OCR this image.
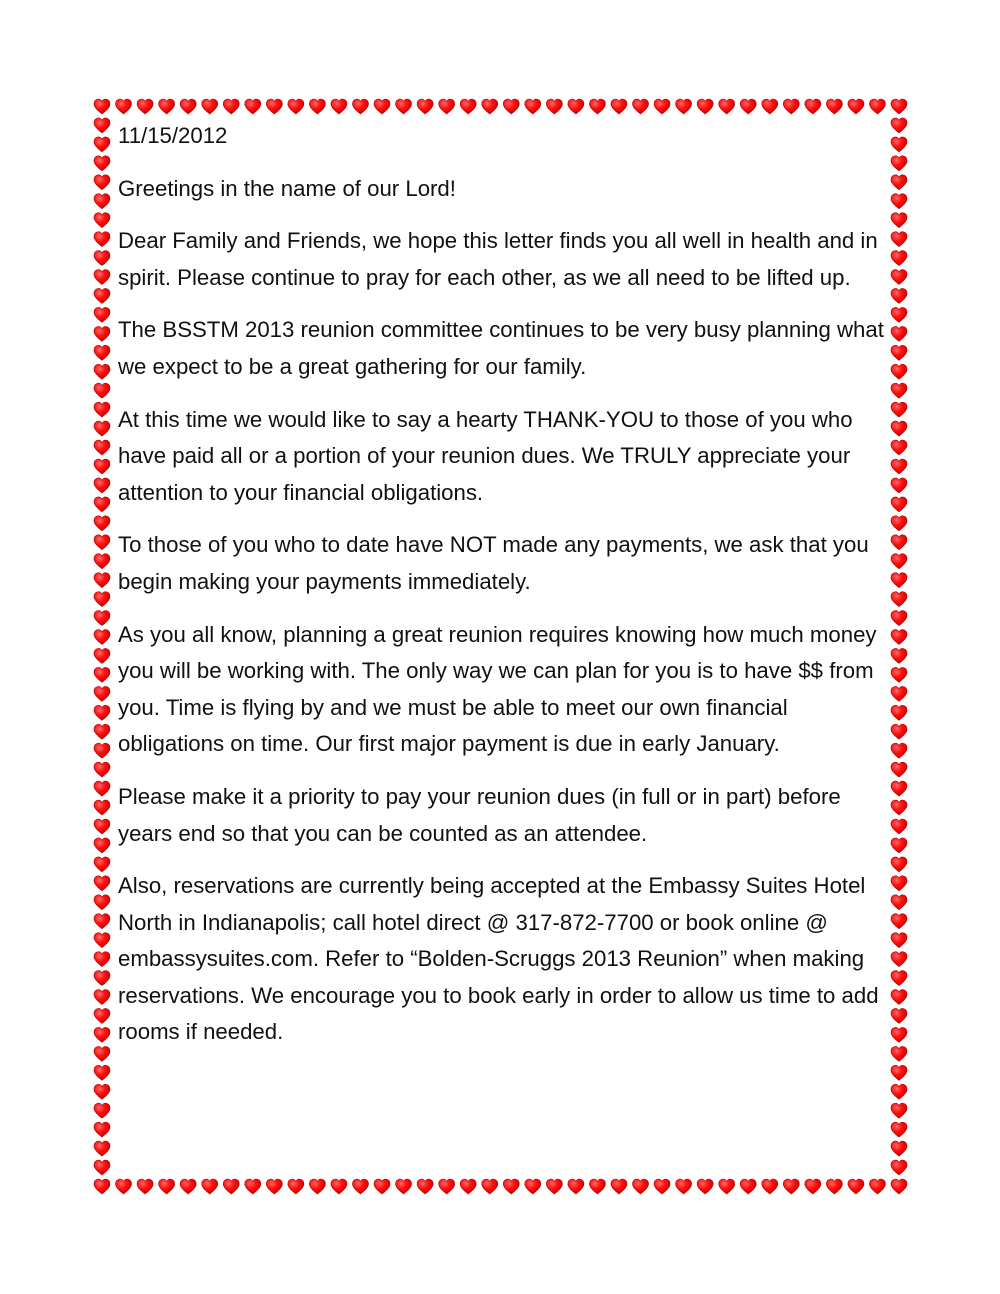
11/15/2012

Greetings in the name of our Lord!

Dear Family and Friends, we hope this letter finds you all well in health and in spirit. Please continue to pray for each other, as we all need to be lifted up.

The BSSTM 2013 reunion committee continues to be very busy planning what we expect to be a great gathering for our family.

At this time we would like to say a hearty THANK-YOU to those of you who have paid all or a portion of your reunion dues. We TRULY appreciate your attention to your financial obligations.

To those of you who to date have NOT made any payments, we ask that you begin making your payments immediately.

As you all know, planning a great reunion requires knowing how much money you will be working with. The only way we can plan for you is to have $$ from you. Time is flying by and we must be able to meet our own financial obligations on time. Our first major payment is due in early January.

Please make it a priority to pay your reunion dues (in full or in part) before years end so that you can be counted as an attendee.

Also, reservations are currently being accepted at the Embassy Suites Hotel North in Indianapolis; call hotel direct @ 317-872-7700 or book online @ embassysuites.com. Refer to “Bolden-Scruggs 2013 Reunion” when making reservations. We encourage you to book early in order to allow us time to add rooms if needed.
